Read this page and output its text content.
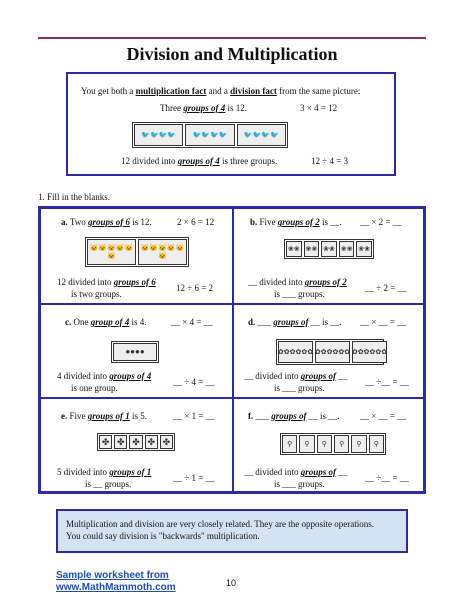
Division and Multiplication
You get both a multiplication fact and a division fact from the same picture:
Three groups of 4 is 12.	3 × 4 = 12
🐦 🐦 🐦 🐦 🐦 🐦 🐦 🐦 🐦 🐦 🐦 🐦
12 divided into groups of 4 is three groups.	12 ÷ 4 = 3
1. Fill in the blanks.
a. Two groups of 6 is 12.	2 × 6 = 12
🐱 🐱 🐱 🐱 🐱
🐱
🐱 🐱 🐱 🐱 🐱
🐱
12 divided into groups of 6
is two groups.
12 ÷ 6 = 2
b. Five groups of 2 is __. __ × 2 = __
❀❀ ❀❀ ❀❀ ❀❀ ❀❀
__ divided into groups of 2
is ___ groups.
__ ÷ 2 = __
c. One group of 4 is 4.	__ × 4 = __
●●●●
4 divided into groups of 4
is one group.
__ ÷ 4 = __
d. ___ groups of __ is __. __ × __ = __
✿✿✿✿✿✿ ✿✿✿✿✿✿ ✿✿✿✿✿✿
__ divided into groups of __
is ___ groups.
__ ÷__ = __
e. Five groups of 1 is 5.	__ × 1 = __
✤ ✤ ✤ ✤ ✤
5 divided into groups of 1
is __ groups.
__ ÷ 1 = __
f. ___ groups of __ is __. __ × __ = __
⚲ ⚲ ⚲ ⚲ ⚲ ⚲
__ divided into groups of __
is ___ groups.
__ ÷__ = __
Multiplication and division are very closely related. They are the opposite operations.
You could say division is "backwards" multiplication.
Sample worksheet from
www.MathMammoth.com	10
